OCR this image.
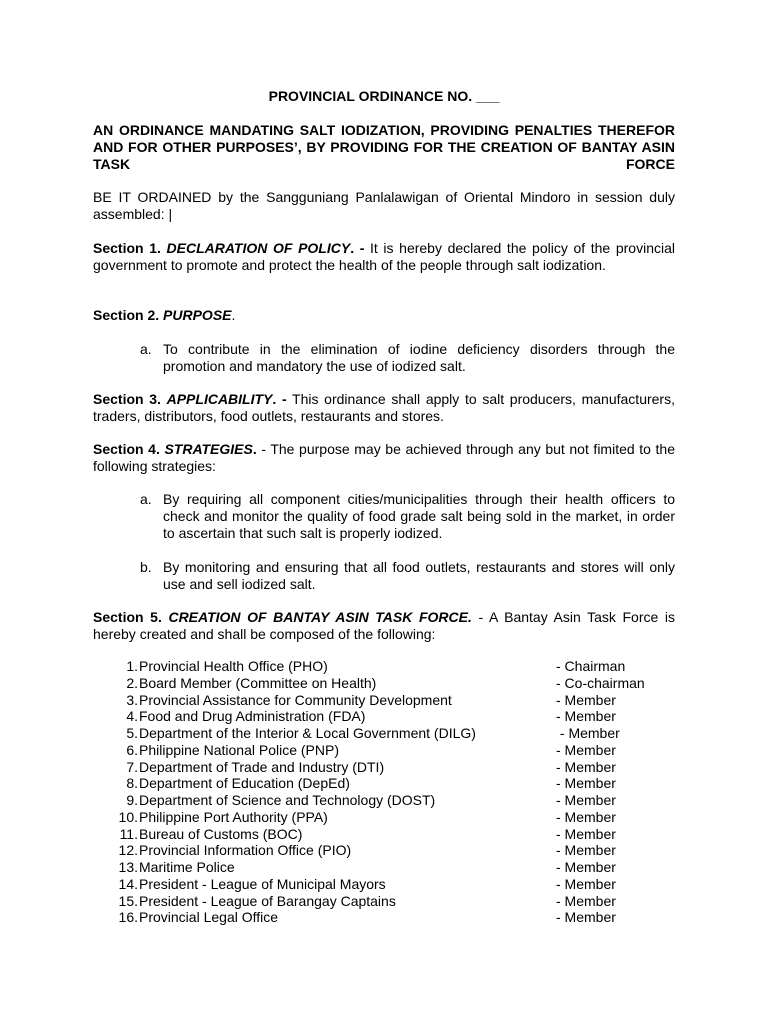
PROVINCIAL ORDINANCE NO. ___
AN ORDINANCE MANDATING SALT IODIZATION, PROVIDING PENALTIES THEREFOR AND FOR OTHER PURPOSES’, BY PROVIDING FOR THE CREATION OF BANTAY ASIN TASK FORCE
BE IT ORDAINED by the Sangguniang Panlalawigan of Oriental Mindoro in session duly assembled: |
Section 1. DECLARATION OF POLICY. - It is hereby declared the policy of the provincial government to promote and protect the health of the people through salt iodization.
Section 2. PURPOSE.
a. To contribute in the elimination of iodine deficiency disorders through the promotion and mandatory the use of iodized salt.
Section 3. APPLICABILITY. - This ordinance shall apply to salt producers, manufacturers, traders, distributors, food outlets, restaurants and stores.
Section 4. STRATEGIES. - The purpose may be achieved through any but not fimited to the following strategies:
a. By requiring all component cities/municipalities through their health officers to check and monitor the quality of food grade salt being sold in the market, in order to ascertain that such salt is properly iodized.
b. By monitoring and ensuring that all food outlets, restaurants and stores will only use and sell iodized salt.
Section 5. CREATION OF BANTAY ASIN TASK FORCE. - A Bantay Asin Task Force is hereby created and shall be composed of the following:
1. Provincial Health Office (PHO)	- Chairman
2. Board Member (Committee on Health)	- Co-chairman
3. Provincial Assistance for Community Development	- Member
4. Food and Drug Administration (FDA)	- Member
5. Department of the Interior & Local Government (DILG)	- Member
6. Philippine National Police (PNP)	- Member
7. Department of Trade and Industry (DTI)	- Member
8. Department of Education (DepEd)	- Member
9. Department of Science and Technology (DOST)	- Member
10. Philippine Port Authority (PPA)	- Member
11. Bureau of Customs (BOC)	- Member
12. Provincial Information Office (PIO)	- Member
13. Maritime Police	- Member
14. President - League of Municipal Mayors	- Member
15. President - League of Barangay Captains	- Member
16. Provincial Legal Office	- Member
